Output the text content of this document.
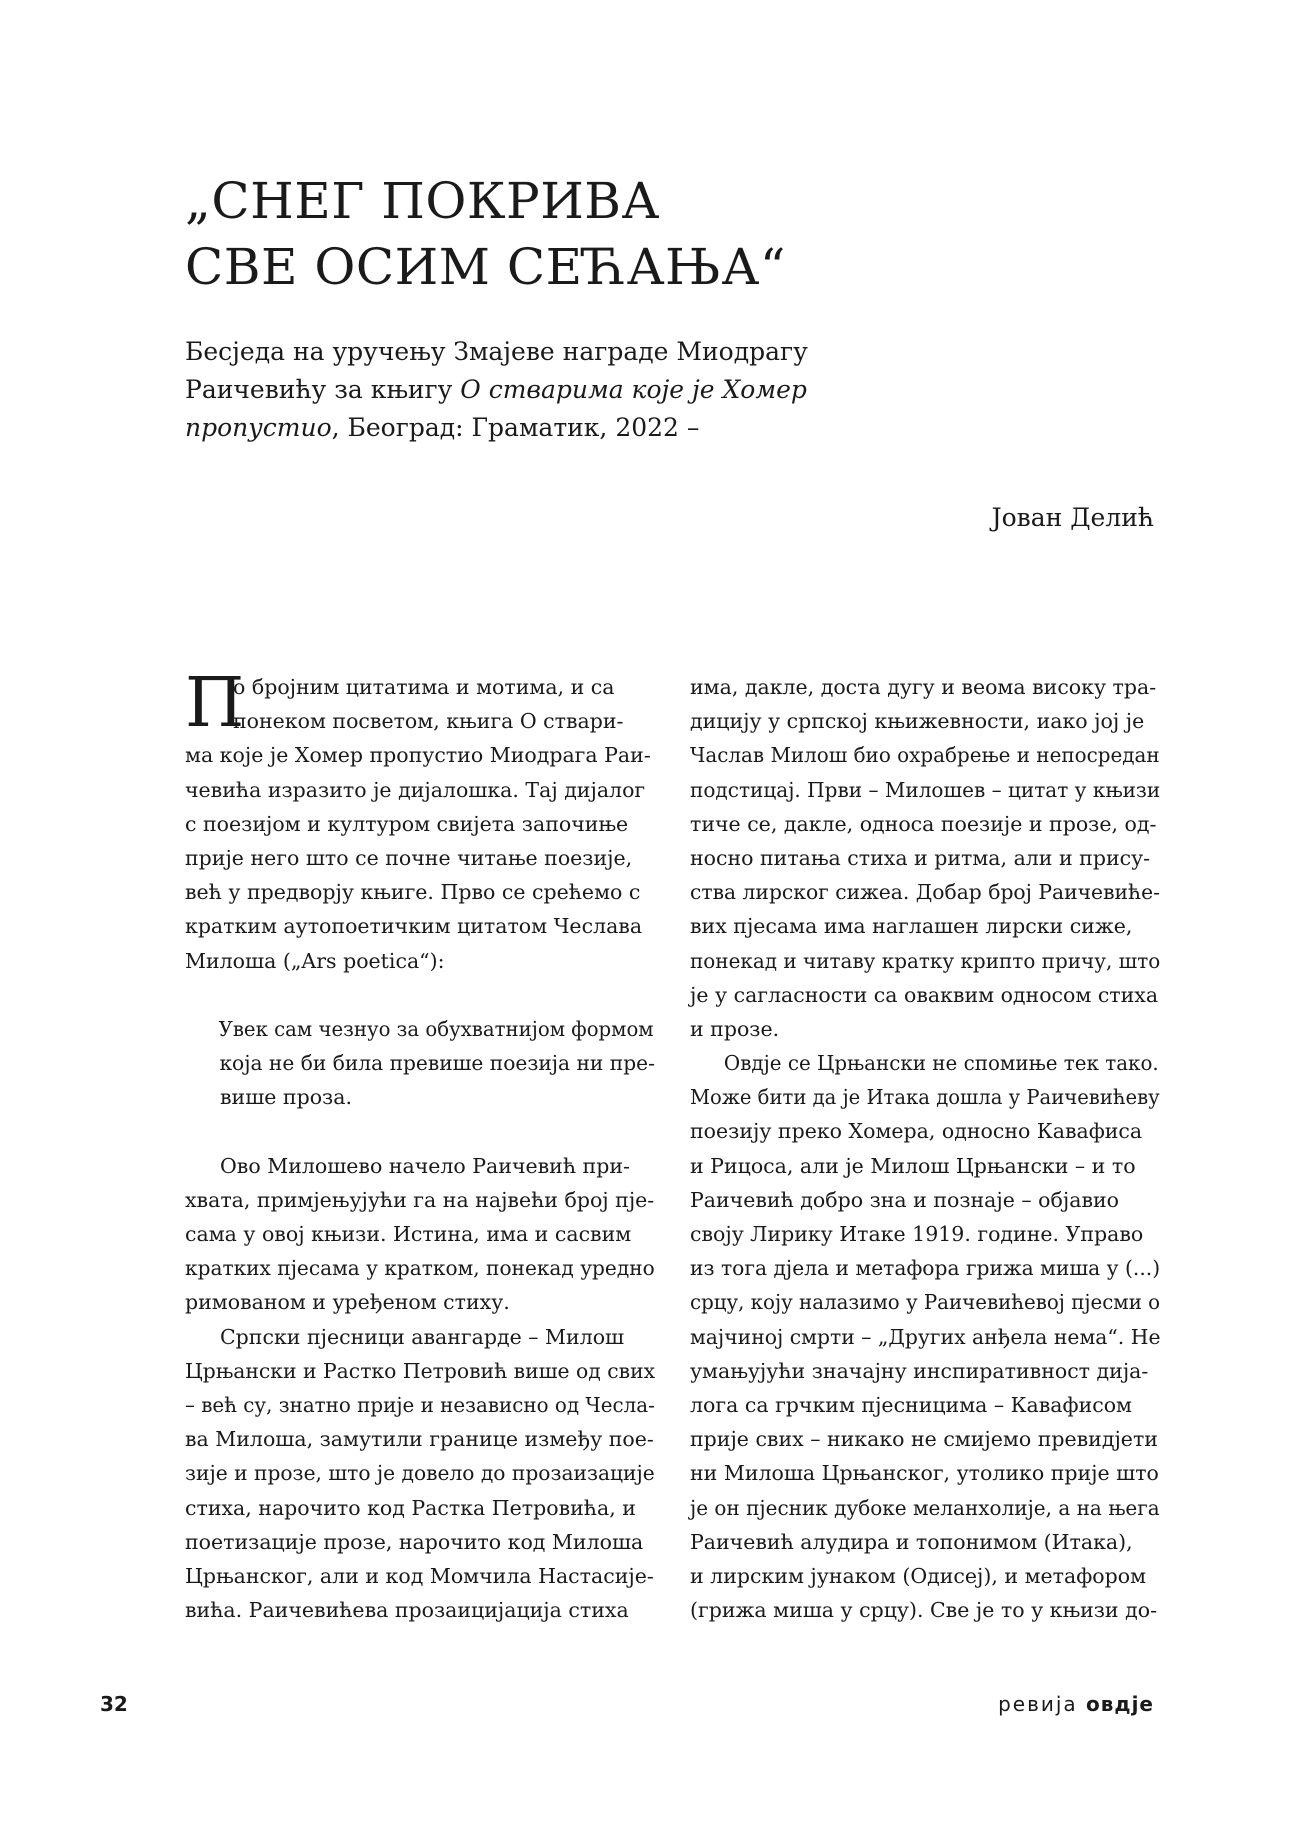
„СНЕГ ПОКРИВА
СВЕ ОСИМ СЕЋАЊА“

Бесједа на уручењу Змајеве награде Миодрагу
Раичевићу за књигу О стварима које је Хомер
пропустио, Београд: Граматик, 2022 –

Јован Делић
П
о бројним цитатима и мотима, и са
понеком посветом, књига О ствари-
ма које је Хомер пропустио Миодрага Раи-
чевића изразито је дијалошка. Тај дијалог
с поезијом и културом свијета започиње
прије него што се почне читање поезије,
већ у предворју књиге. Прво се срећемо с
кратким аутопоетичким цитатом Чеслава
Милоша („Ars poetica“):
Увек сам чезнуо за обухватнијом формом
која не би била превише поезија ни пре-
више проза.
Ово Милошево начело Раичевић при-
хвата, примјењујући га на највећи број пје-
сама у овој књизи. Истина, има и сасвим
кратких пјесама у кратком, понекад уредно
римованом и уређеном стиху.
Српски пјесници авангарде – Милош
Црњански и Растко Петровић више од свих
– већ су, знатно прије и независно од Чесла-
ва Милоша, замутили границе између пое-
зије и прозе, што је довело до прозаизације
стиха, нарочито код Растка Петровића, и
поетизације прозе, нарочито код Милоша
Црњанског, али и код Момчила Настасије-
вића. Раичевићева прозаицијација стиха
има, дакле, доста дугу и веома високу тра-
дицију у српској књижевности, иако јој је
Часлав Милош био охрабрење и непосредан
подстицај. Први – Милошев – цитат у књизи
тиче се, дакле, односа поезије и прозе, од-
носно питања стиха и ритма, али и прису-
ства лирског сижеа. Добар број Раичевиће-
вих пјесама има наглашен лирски сиже,
понекад и читаву кратку крипто причу, што
је у сагласности са оваквим односом стиха
и прозе.
Овдје се Црњански не спомиње тек тако.
Може бити да је Итака дошла у Раичевићеву
поезију преко Хомера, односно Кавафиса
и Рицоса, али је Милош Црњански – и то
Раичевић добро зна и познаје – објавио
своју Лирику Итаке 1919. године. Управо
из тога дјела и метафора грижа миша у (...)
срцу, коју налазимо у Раичевићевој пјесми о
мајчиној смрти – „Других анђела нема“. Не
умањујући значајну инспиративност дија-
лога са грчким пјесницима – Кавафисом
прије свих – никако не смијемо превидјети
ни Милоша Црњанског, утолико прије што
је он пјесник дубоке меланхолије, а на њега
Раичевић алудира и топонимом (Итака),
и лирским јунаком (Одисеј), и метафором
(грижа миша у срцу). Све је то у књизи до-
32	ревија овдје
